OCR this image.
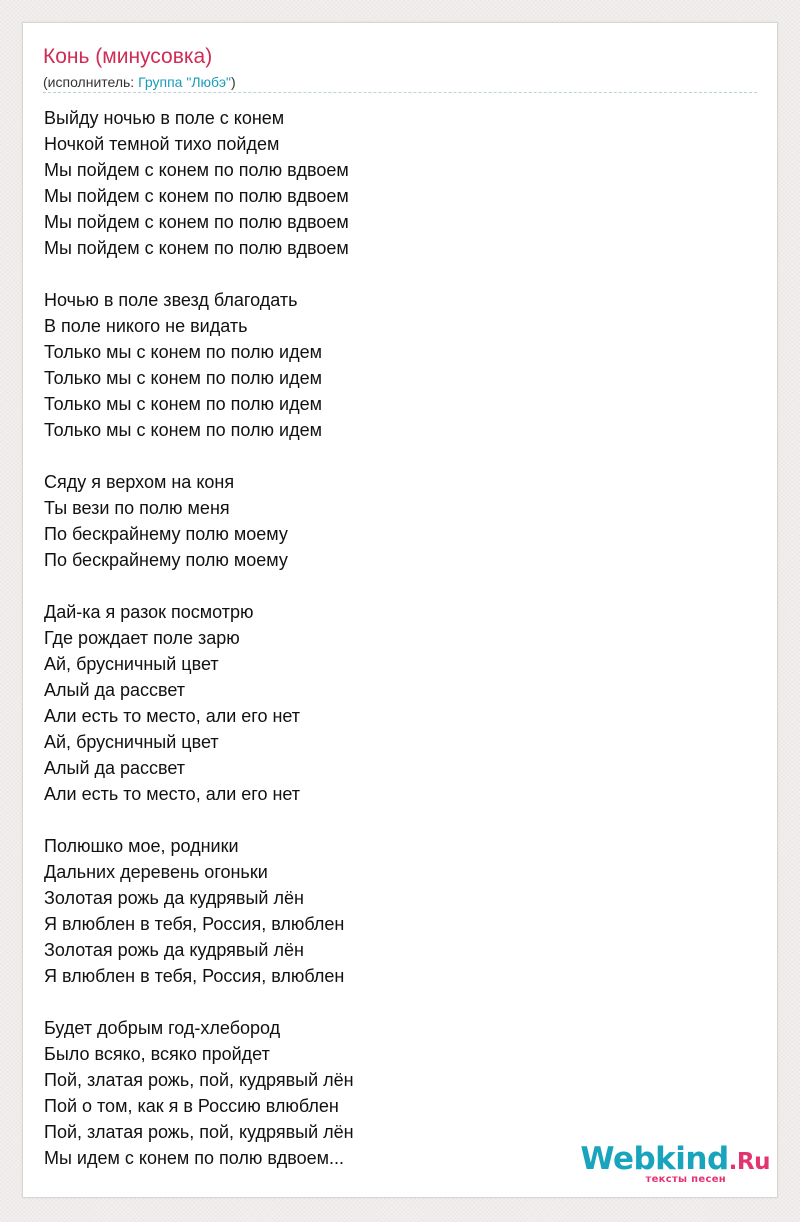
Конь (минусовка)
(исполнитель: Группа "Любэ")
Выйду ночью в поле с конем
Ночкой темной тихо пойдем
Мы пойдем с конем по полю вдвоем
Мы пойдем с конем по полю вдвоем
Мы пойдем с конем по полю вдвоем
Мы пойдем с конем по полю вдвоем
Ночью в поле звезд благодать
В поле никого не видать
Только мы с конем по полю идем
Только мы с конем по полю идем
Только мы с конем по полю идем
Только мы с конем по полю идем
Сяду я верхом на коня
Ты вези по полю меня
По бескрайнему полю моему
По бескрайнему полю моему
Дай-ка я разок посмотрю
Где рождает поле зарю
Ай, брусничный цвет
Алый да рассвет
Али есть то место, али его нет
Ай, брусничный цвет
Алый да рассвет
Али есть то место, али его нет
Полюшко мое, родники
Дальних деревень огоньки
Золотая рожь да кудрявый лён
Я влюблен в тебя, Россия, влюблен
Золотая рожь да кудрявый лён
Я влюблен в тебя, Россия, влюблен
Будет добрым год-хлебород
Было всяко, всяко пройдет
Пой, златая рожь, пой, кудрявый лён
Пой о том, как я в Россию влюблен
Пой, златая рожь, пой, кудрявый лён
Мы идем с конем по полю вдвоем...	Webkind.Ru
тексты песен
